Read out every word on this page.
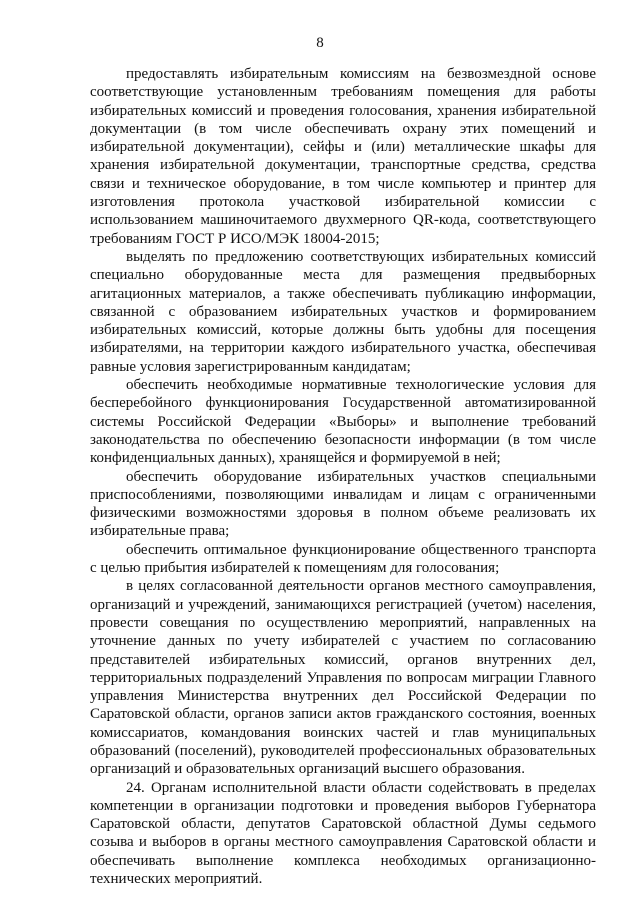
8

предоставлять избирательным комиссиям на безвозмездной основе соответствующие установленным требованиям помещения для работы избирательных комиссий и проведения голосования, хранения избирательной документации (в том числе обеспечивать охрану этих помещений и избирательной документации), сейфы и (или) металлические шкафы для хранения избирательной документации, транспортные средства, средства связи и техническое оборудование, в том числе компьютер и принтер для изготовления протокола участковой избирательной комиссии с использованием машиночитаемого двухмерного QR-кода, соответствующего требованиям ГОСТ Р ИСО/МЭК 18004-2015;

выделять по предложению соответствующих избирательных комиссий специально оборудованные места для размещения предвыборных агитационных материалов, а также обеспечивать публикацию информации, связанной с образованием избирательных участков и формированием избирательных комиссий, которые должны быть удобны для посещения избирателями, на территории каждого избирательного участка, обеспечивая равные условия зарегистрированным кандидатам;

обеспечить необходимые нормативные технологические условия для бесперебойного функционирования Государственной автоматизированной системы Российской Федерации «Выборы» и выполнение требований законодательства по обеспечению безопасности информации (в том числе конфиденциальных данных), хранящейся и формируемой в ней;

обеспечить оборудование избирательных участков специальными приспособлениями, позволяющими инвалидам и лицам с ограниченными физическими возможностями здоровья в полном объеме реализовать их избирательные права;

обеспечить оптимальное функционирование общественного транспорта с целью прибытия избирателей к помещениям для голосования;

в целях согласованной деятельности органов местного самоуправления, организаций и учреждений, занимающихся регистрацией (учетом) населения, провести совещания по осуществлению мероприятий, направленных на уточнение данных по учету избирателей с участием по согласованию представителей избирательных комиссий, органов внутренних дел, территориальных подразделений Управления по вопросам миграции Главного управления Министерства внутренних дел Российской Федерации по Саратовской области, органов записи актов гражданского состояния, военных комиссариатов, командования воинских частей и глав муниципальных образований (поселений), руководителей профессиональных образовательных организаций и образовательных организаций высшего образования.

24. Органам исполнительной власти области содействовать в пределах компетенции в организации подготовки и проведения выборов Губернатора Саратовской области, депутатов Саратовской областной Думы седьмого созыва и выборов в органы местного самоуправления Саратовской области и обеспечивать выполнение комплекса необходимых организационно-технических мероприятий.
